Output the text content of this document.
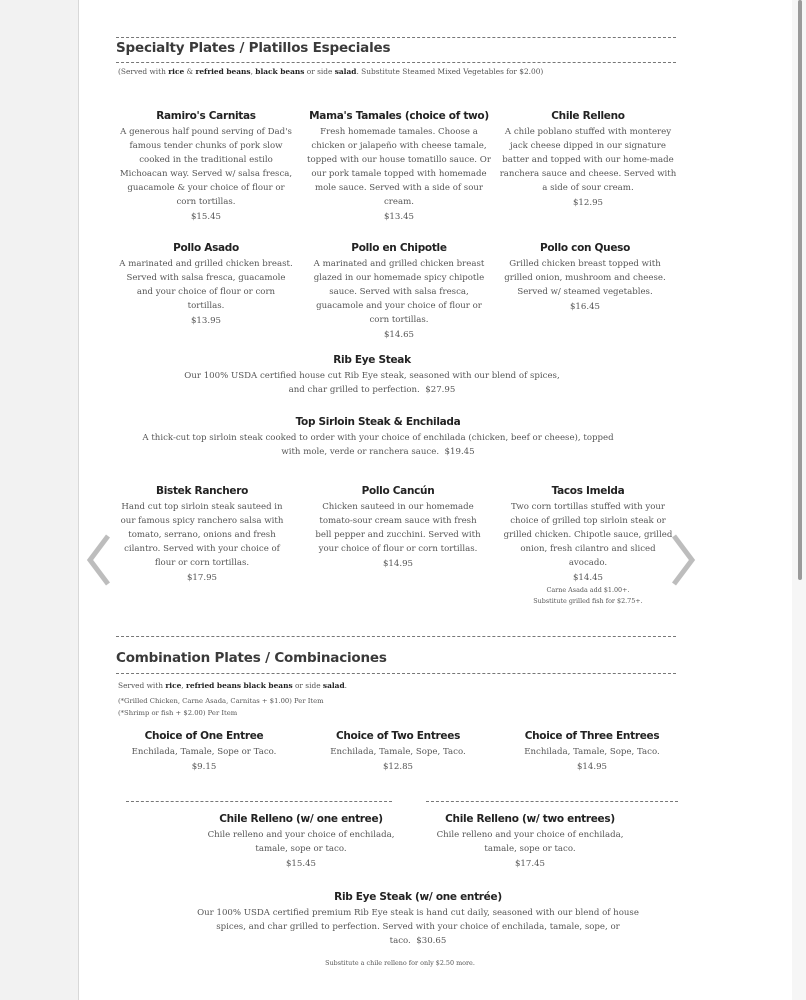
Specialty Plates / Platillos Especiales
(Served with rice & refried beans, black beans or side salad. Substitute Steamed Mixed Vegetables for $2.00)
Ramiro's Carnitas
A generous half pound serving of Dad's famous tender chunks of pork slow cooked in the traditional estilo Michoacan way. Served w/ salsa fresca, guacamole & your choice of flour or corn tortillas.
$15.45
Mama's Tamales (choice of two)
Fresh homemade tamales. Choose a chicken or jalapeño with cheese tamale, topped with our house tomatillo sauce. Or our pork tamale topped with homemade mole sauce. Served with a side of sour cream.
$13.45
Chile Relleno
A chile poblano stuffed with monterey jack cheese dipped in our signature batter and topped with our home-made ranchera sauce and cheese. Served with a side of sour cream.
$12.95
Pollo Asado
A marinated and grilled chicken breast. Served with salsa fresca, guacamole and your choice of flour or corn tortillas.
$13.95
Pollo en Chipotle
A marinated and grilled chicken breast glazed in our homemade spicy chipotle sauce. Served with salsa fresca, guacamole and your choice of flour or corn tortillas.
$14.65
Pollo con Queso
Grilled chicken breast topped with grilled onion, mushroom and cheese. Served w/ steamed vegetables.
$16.45
Rib Eye Steak
Our 100% USDA certified house cut Rib Eye steak, seasoned with our blend of spices, and char grilled to perfection. $27.95
Top Sirloin Steak & Enchilada
A thick-cut top sirloin steak cooked to order with your choice of enchilada (chicken, beef or cheese), topped with mole, verde or ranchera sauce. $19.45
Bistek Ranchero
Hand cut top sirloin steak sauteed in our famous spicy ranchero salsa with tomato, serrano, onions and fresh cilantro. Served with your choice of flour or corn tortillas.
$17.95
Pollo Cancún
Chicken sauteed in our homemade tomato-sour cream sauce with fresh bell pepper and zucchini. Served with your choice of flour or corn tortillas.
$14.95
Tacos Imelda
Two corn tortillas stuffed with your choice of grilled top sirloin steak or grilled chicken. Chipotle sauce, grilled onion, fresh cilantro and sliced avocado.
$14.45
Carne Asada add $1.00+.
Substitute grilled fish for $2.75+.
Combination Plates / Combinaciones
Served with rice, refried beans black beans or side salad.
(*Grilled Chicken, Carne Asada, Carnitas + $1.00) Per Item
(*Shrimp or fish + $2.00) Per Item
Choice of One Entree
Enchilada, Tamale, Sope or Taco.
$9.15
Choice of Two Entrees
Enchilada, Tamale, Sope, Taco.
$12.85
Choice of Three Entrees
Enchilada, Tamale, Sope, Taco.
$14.95
Chile Relleno (w/ one entree)
Chile relleno and your choice of enchilada, tamale, sope or taco.
$15.45
Chile Relleno (w/ two entrees)
Chile relleno and your choice of enchilada, tamale, sope or taco.
$17.45
Rib Eye Steak (w/ one entrée)
Our 100% USDA certified premium Rib Eye steak is hand cut daily, seasoned with our blend of house spices, and char grilled to perfection. Served with your choice of enchilada, tamale, sope, or taco. $30.65
Substitute a chile relleno for only $2.50 more.
